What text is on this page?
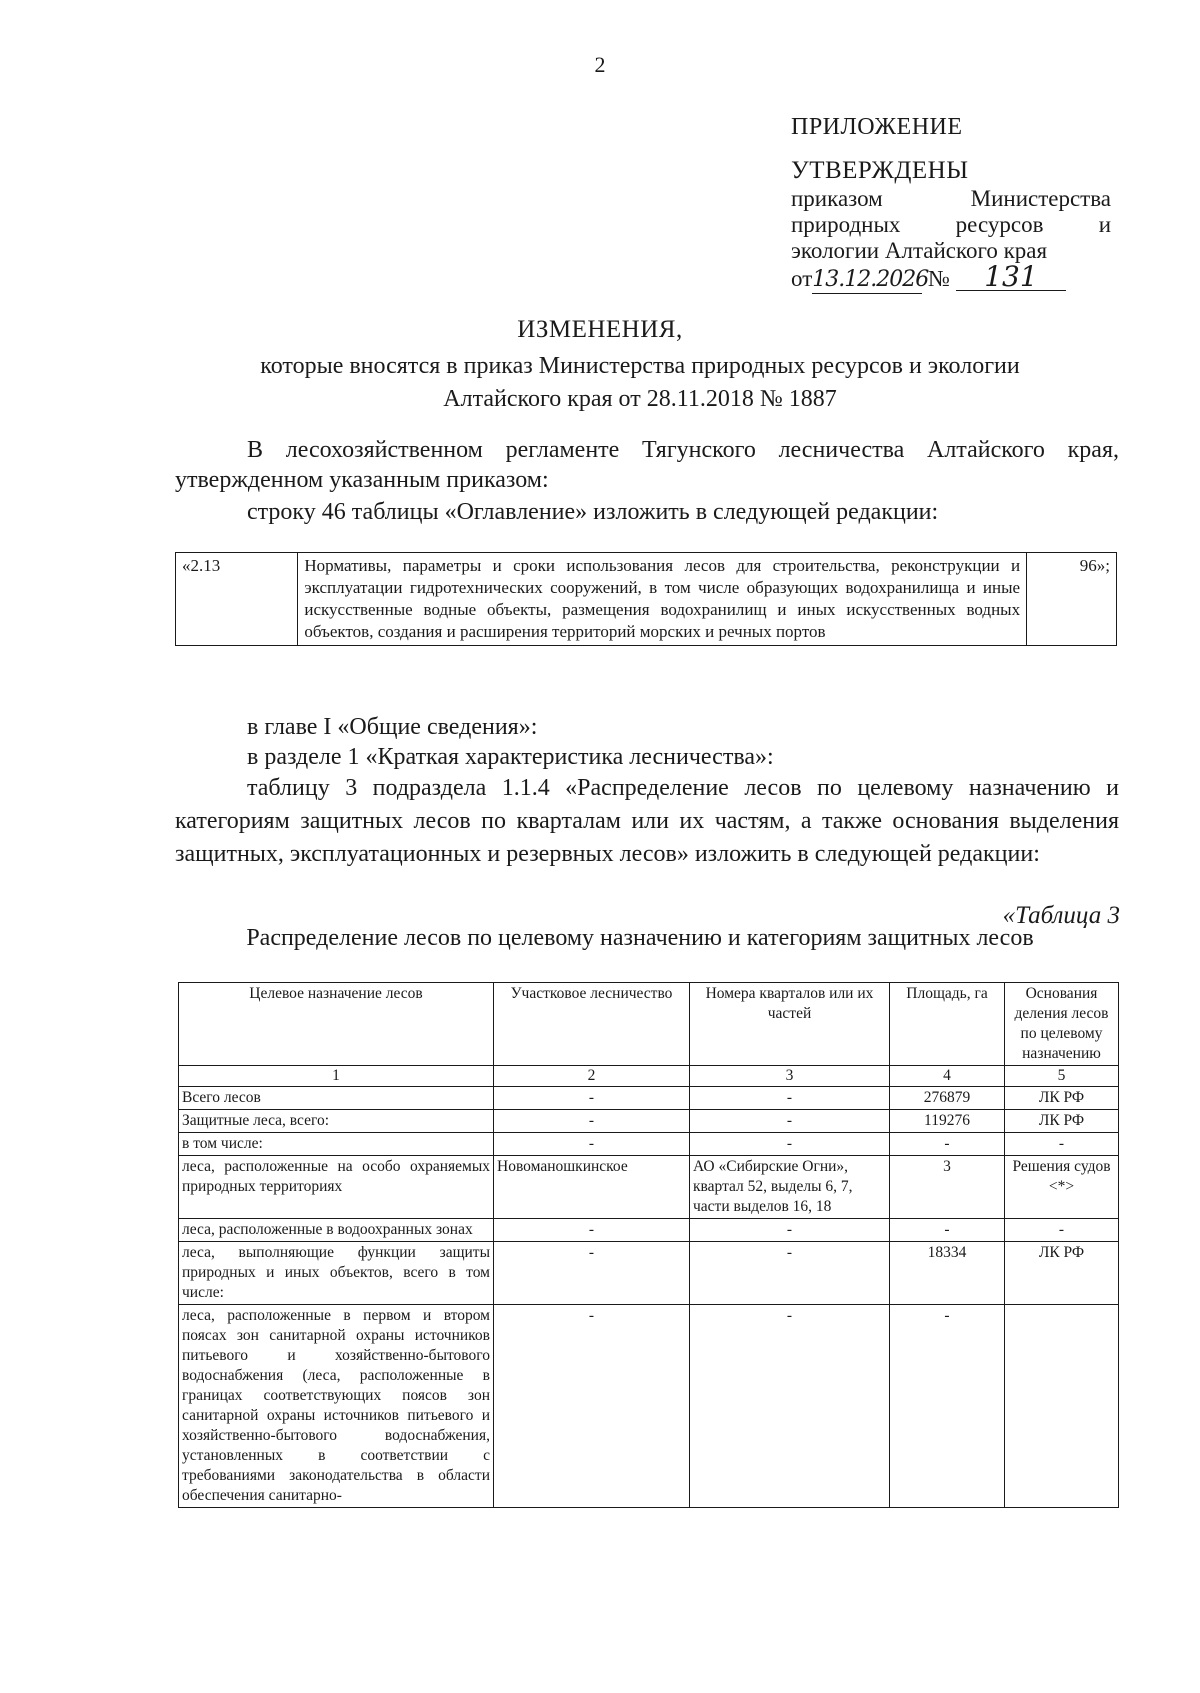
2
ПРИЛОЖЕНИЕ
УТВЕРЖДЕНЫ
приказом Министерства
природных ресурсов и
экологии Алтайского края
от13.12.2026 № 131
ИЗМЕНЕНИЯ,
которые вносятся в приказ Министерства природных ресурсов и экологии Алтайского края от 28.11.2018 № 1887
В лесохозяйственном регламенте Тягунского лесничества Алтайского края, утвержденном указанным приказом:
строку 46 таблицы «Оглавление» изложить в следующей редакции:
«2.13	Нормативы, параметры и сроки использования лесов для строительства, реконструкции и эксплуатации гидротехнических сооружений, в том числе образующих водохранилища и иные искусственные водные объекты, размещения водохранилищ и иных искусственных водных объектов, создания и расширения территорий морских и речных портов	96»;
в главе I «Общие сведения»:
в разделе 1 «Краткая характеристика лесничества»:
таблицу 3 подраздела 1.1.4 «Распределение лесов по целевому назначению и категориям защитных лесов по кварталам или их частям, а также основания выделения защитных, эксплуатационных и резервных лесов» изложить в следующей редакции:
«Таблица 3
Распределение лесов по целевому назначению и категориям защитных лесов
Целевое назначение лесов	Участковое лесничество	Номера кварталов или их частей	Площадь, га	Основания деления лесов по целевому назначению
1	2	3	4	5
Всего лесов	-	-	276879	ЛК РФ
Защитные леса, всего:	-	-	119276	ЛК РФ
в том числе:	-	-	-	-
леса, расположенные на особо охраняемых природных территориях	Новоманошкинское	АО «Сибирские Огни», квартал 52, выделы 6, 7, части выделов 16, 18	3	Решения судов <*>
леса, расположенные в водоохранных зонах	-	-	-	-
леса, выполняющие функции защиты природных и иных объектов, всего в том числе:	-	-	18334	ЛК РФ
леса, расположенные в первом и втором поясах зон санитарной охраны источников питьевого и хозяйственно-бытового водоснабжения (леса, расположенные в границах соответствующих поясов зон санитарной охраны источников питьевого и хозяйственно-бытового водоснабжения, установленных в соответствии с требованиями законодательства в области обеспечения санитарно-	-	-	-	
